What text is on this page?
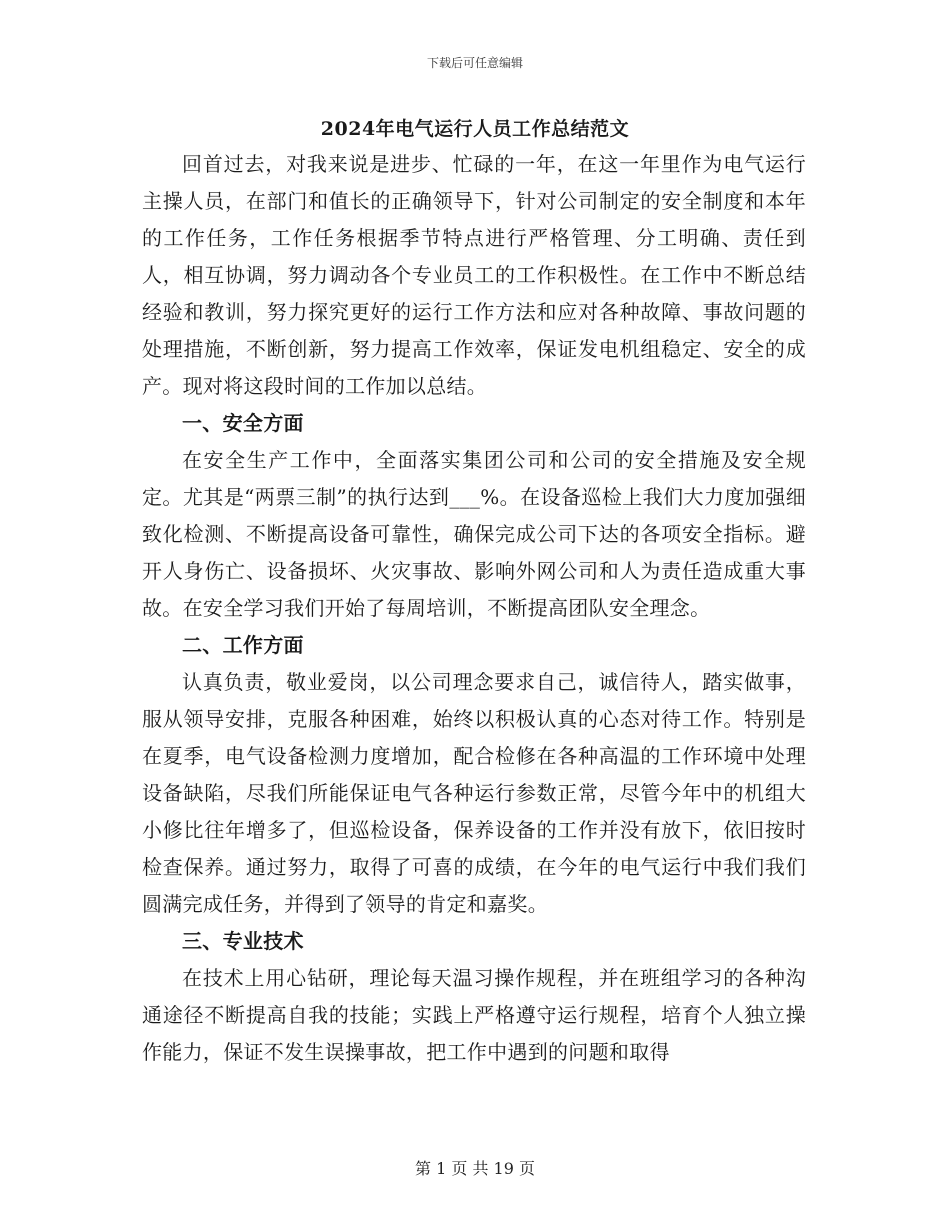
下载后可任意编辑
2024年电气运行人员工作总结范文

回首过去，对我来说是进步、忙碌的一年，在这一年里作为电气运行主操人员，在部门和值长的正确领导下，针对公司制定的安全制度和本年的工作任务，工作任务根据季节特点进行严格管理、分工明确、责任到人，相互协调，努力调动各个专业员工的工作积极性。在工作中不断总结经验和教训，努力探究更好的运行工作方法和应对各种故障、事故问题的处理措施，不断创新，努力提高工作效率，保证发电机组稳定、安全的成产。现对将这段时间的工作加以总结。

一、安全方面

在安全生产工作中，全面落实集团公司和公司的安全措施及安全规定。尤其是“两票三制”的执行达到___%。在设备巡检上我们大力度加强细致化检测、不断提高设备可靠性，确保完成公司下达的各项安全指标。避开人身伤亡、设备损坏、火灾事故、影响外网公司和人为责任造成重大事故。在安全学习我们开始了每周培训，不断提高团队安全理念。

二、工作方面

认真负责，敬业爱岗，以公司理念要求自己，诚信待人，踏实做事，服从领导安排，克服各种困难，始终以积极认真的心态对待工作。特别是在夏季，电气设备检测力度增加，配合检修在各种高温的工作环境中处理设备缺陷，尽我们所能保证电气各种运行参数正常，尽管今年中的机组大小修比往年增多了，但巡检设备，保养设备的工作并没有放下，依旧按时检查保养。通过努力，取得了可喜的成绩，在今年的电气运行中我们我们圆满完成任务，并得到了领导的肯定和嘉奖。

三、专业技术

在技术上用心钻研，理论每天温习操作规程，并在班组学习的各种沟通途径不断提高自我的技能；实践上严格遵守运行规程，培育个人独立操作能力，保证不发生误操事故，把工作中遇到的问题和取得

第 1 页 共 19 页
